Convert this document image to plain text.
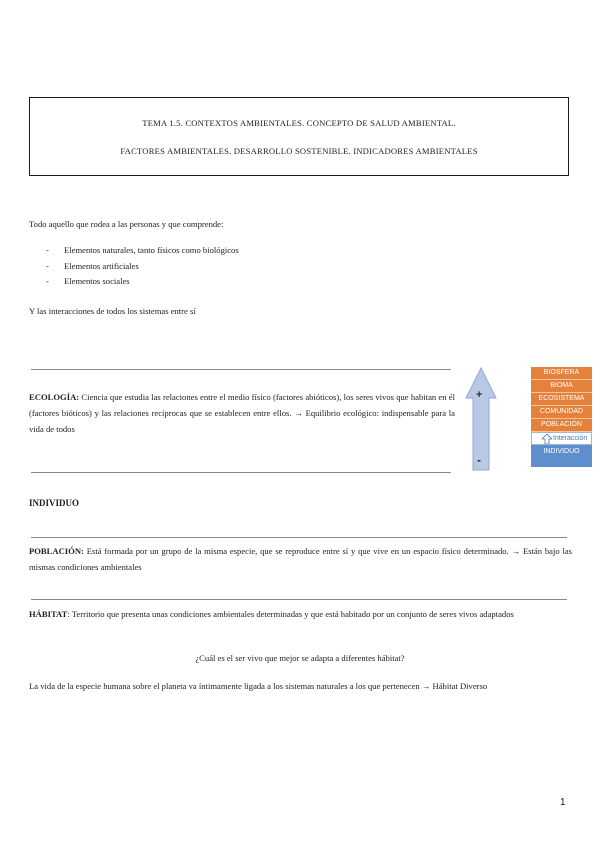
TEMA 1.5. CONTEXTOS AMBIENTALES. CONCEPTO DE SALUD AMBIENTAL.
FACTORES AMBIENTALES. DESARROLLO SOSTENIBLE. INDICADORES AMBIENTALES
Todo aquello que rodea a las personas y que comprende:
- Elementos naturales, tanto físicos como biológicos
- Elementos artificiales
- Elementos sociales
Y las interacciones de todos los sistemas entre sí
ECOLOGÍA: Ciencia que estudia las relaciones entre el medio físico (factores abióticos), los seres vivos que habitan en él (factores bióticos) y las relaciones recíprocas que se establecen entre ellos. → Equilibrio ecológico: indispensable para la vida de todos
+
-
BIOSFERA
BIOMA
ECOSISTEMA
COMUNIDAD
POBLACIÓN
Interacción
INDIVIDUO
INDIVIDUO
POBLACIÓN: Está formada por un grupo de la misma especie, que se reproduce entre sí y que vive en un espacio físico determinado. → Están bajo las mismas condiciones ambientales
HÁBITAT: Territorio que presenta unas condiciones ambientales determinadas y que está habitado por un conjunto de seres vivos adaptados
¿Cuál es el ser vivo que mejor se adapta a diferentes hábitat?
La vida de la especie humana sobre el planeta va íntimamente ligada a los sistemas naturales a los que pertenecen → Hábitat Diverso
1
